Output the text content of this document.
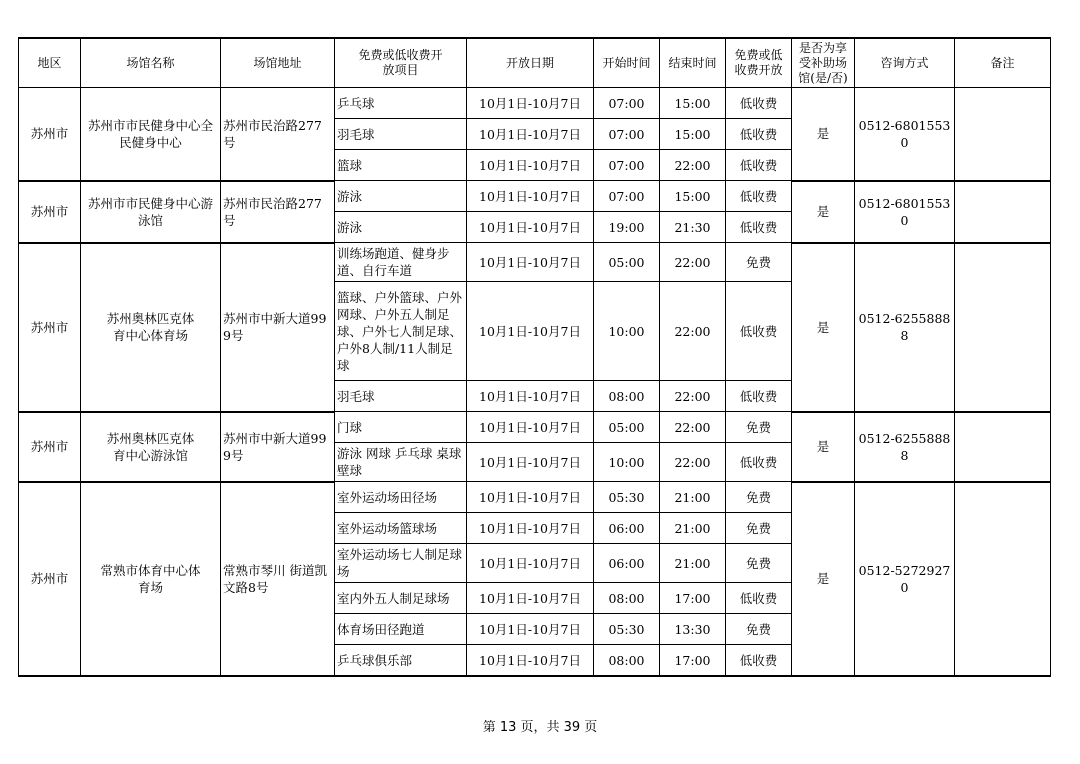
地区	场馆名称	场馆地址	免费或低收费开放项目	开放日期	开始时间	结束时间	免费或低收费开放	是否为享受补助场馆(是/否)	咨询方式	备注
苏州市	苏州市市民健身中心全民健身中心	苏州市民治路277号	乒乓球	10月1日-10月7日	07:00	15:00	低收费	是	0512-68015530	
			羽毛球	10月1日-10月7日	07:00	15:00	低收费			
			篮球	10月1日-10月7日	07:00	22:00	低收费			
苏州市	苏州市市民健身中心游泳馆	苏州市民治路277号	游泳	10月1日-10月7日	07:00	15:00	低收费	是	0512-68015530	
			游泳	10月1日-10月7日	19:00	21:30	低收费			
苏州市	苏州奥林匹克体育中心体育场	苏州市中新大道999号	训练场跑道、健身步道、自行车道	10月1日-10月7日	05:00	22:00	免费	是	0512-62558888	
			篮球、户外篮球、户外网球、户外五人制足球、户外七人制足球、户外8人制/11人制足球	10月1日-10月7日	10:00	22:00	低收费			
			羽毛球	10月1日-10月7日	08:00	22:00	低收费			
苏州市	苏州奥林匹克体育中心游泳馆	苏州市中新大道999号	门球	10月1日-10月7日	05:00	22:00	免费	是	0512-62558888	
			游泳 网球 乒乓球 桌球 壁球	10月1日-10月7日	10:00	22:00	低收费			
苏州市	常熟市体育中心体育场	常熟市琴川 街道凯文路8号	室外运动场田径场	10月1日-10月7日	05:30	21:00	免费	是	0512-52729270	
			室外运动场篮球场	10月1日-10月7日	06:00	21:00	免费			
			室外运动场七人制足球场	10月1日-10月7日	06:00	21:00	免费			
			室内外五人制足球场	10月1日-10月7日	08:00	17:00	低收费			
			体育场田径跑道	10月1日-10月7日	05:30	13:30	免费			
			乒乓球俱乐部	10月1日-10月7日	08:00	17:00	低收费			
第 13 页，共 39 页
